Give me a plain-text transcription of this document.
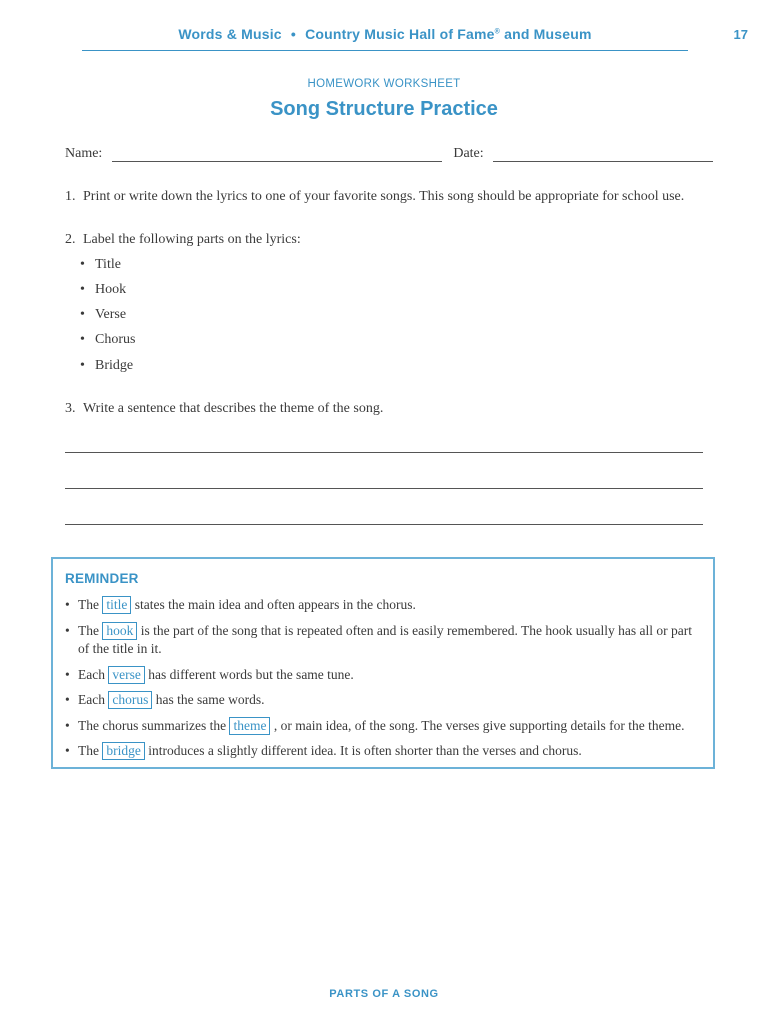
Words & Music • Country Music Hall of Fame® and Museum	17
HOMEWORK WORKSHEET
Song Structure Practice
Name:	Date:
1. Print or write down the lyrics to one of your favorite songs. This song should be appropriate for school use.
2. Label the following parts on the lyrics:
• Title
• Hook
• Verse
• Chorus
• Bridge
3. Write a sentence that describes the theme of the song.
REMINDER
• The title states the main idea and often appears in the chorus.
• The hook is the part of the song that is repeated often and is easily remembered. The hook usually has all or part
of the title in it.
• Each verse has different words but the same tune.
• Each chorus has the same words.
• The chorus summarizes the theme , or main idea, of the song. The verses give supporting details for the theme.
• The bridge introduces a slightly different idea. It is often shorter than the verses and chorus.
PARTS OF A SONG
